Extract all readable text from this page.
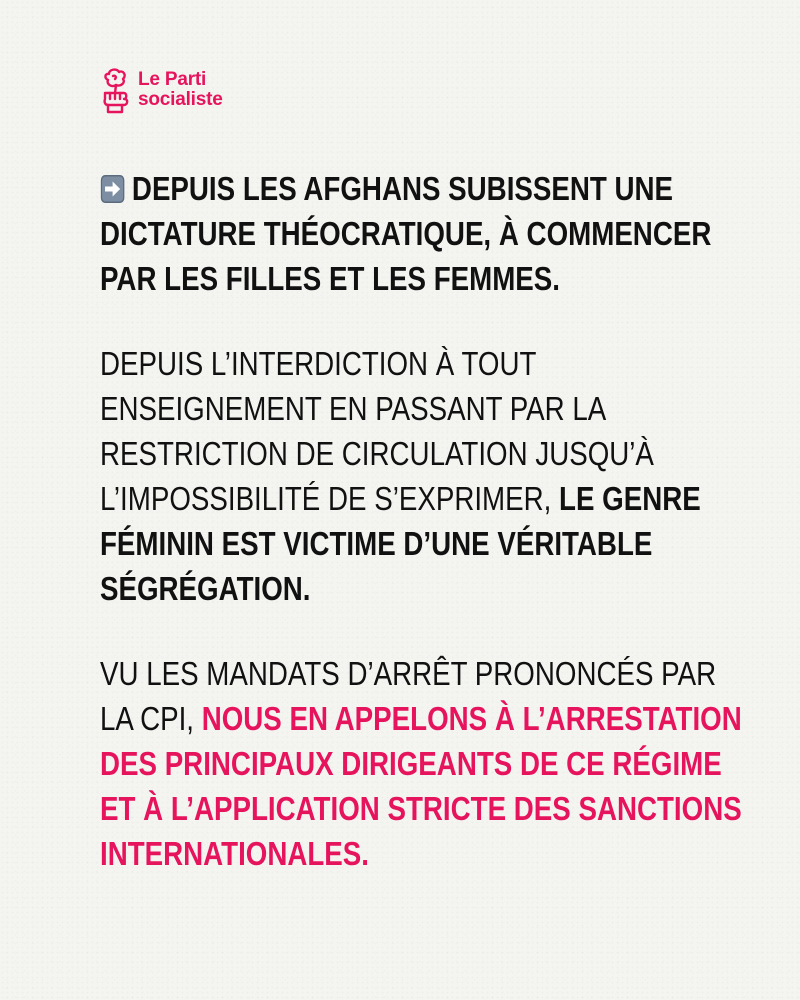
Le Parti
socialiste

DEPUIS LES AFGHANS SUBISSENT UNE DICTATURE THÉOCRATIQUE, À COMMENCER PAR LES FILLES ET LES FEMMES.

DEPUIS L’INTERDICTION À TOUT ENSEIGNEMENT EN PASSANT PAR LA RESTRICTION DE CIRCULATION JUSQU’À L’IMPOSSIBILITÉ DE S’EXPRIMER, LE GENRE FÉMININ EST VICTIME D’UNE VÉRITABLE SÉGRÉGATION.

VU LES MANDATS D’ARRÊT PRONONCÉS PAR LA CPI, NOUS EN APPELONS À L’ARRESTATION DES PRINCIPAUX DIRIGEANTS DE CE RÉGIME ET À L’APPLICATION STRICTE DES SANCTIONS INTERNATIONALES.
